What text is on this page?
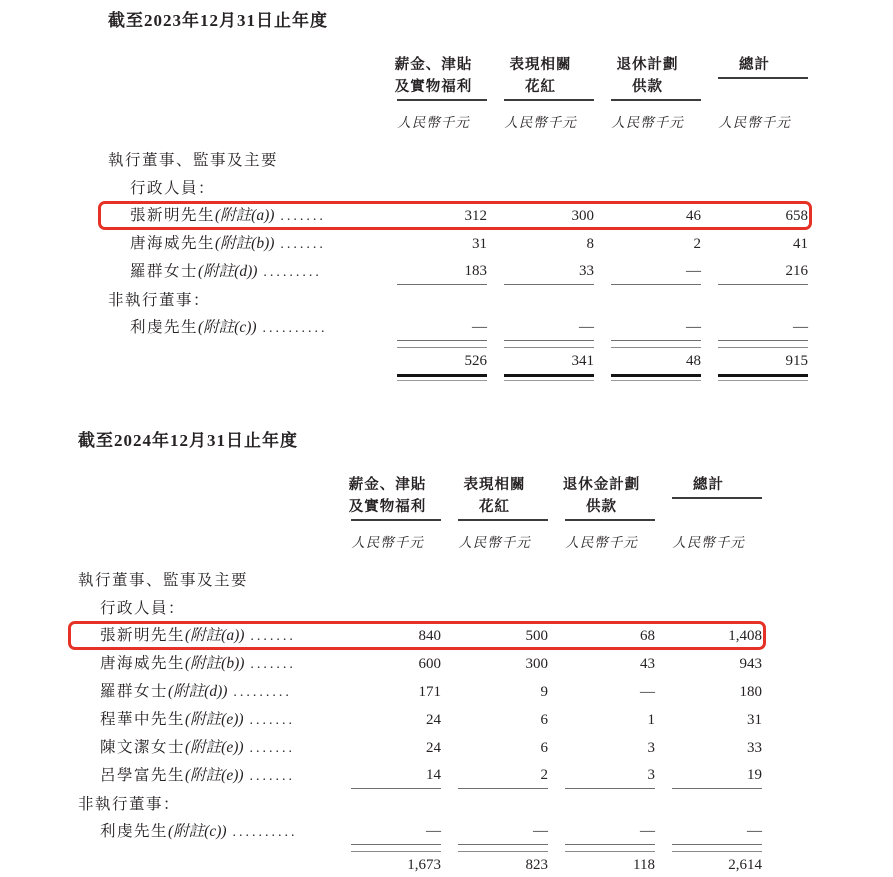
截至2023年12月31日止年度
薪金、津貼
及實物福利
表現相關
花紅
退休計劃
供款
總計
人民幣千元	人民幣千元	人民幣千元	人民幣千元
執行董事、監事及主要
行政人員：
張新明先生(附註(a)) .......	312	300	46	658
唐海威先生(附註(b)) .......	31	8	2	41
羅群女士(附註(d)) .........	183	33	—	216
非執行董事：
利虔先生(附註(c)) ..........	—	—	—	—
526	341	48	915
截至2024年12月31日止年度
薪金、津貼
及實物福利
表現相關
花紅
退休金計劃
供款
總計
人民幣千元	人民幣千元	人民幣千元	人民幣千元
執行董事、監事及主要
行政人員：
張新明先生(附註(a)) .......	840	500	68	1,408
唐海威先生(附註(b)) .......	600	300	43	943
羅群女士(附註(d)) .........	171	9	—	180
程華中先生(附註(e)) .......	24	6	1	31
陳文潔女士(附註(e)) .......	24	6	3	33
呂學富先生(附註(e)) .......	14	2	3	19
非執行董事：
利虔先生(附註(c)) ..........	—	—	—	—
1,673	823	118	2,614
